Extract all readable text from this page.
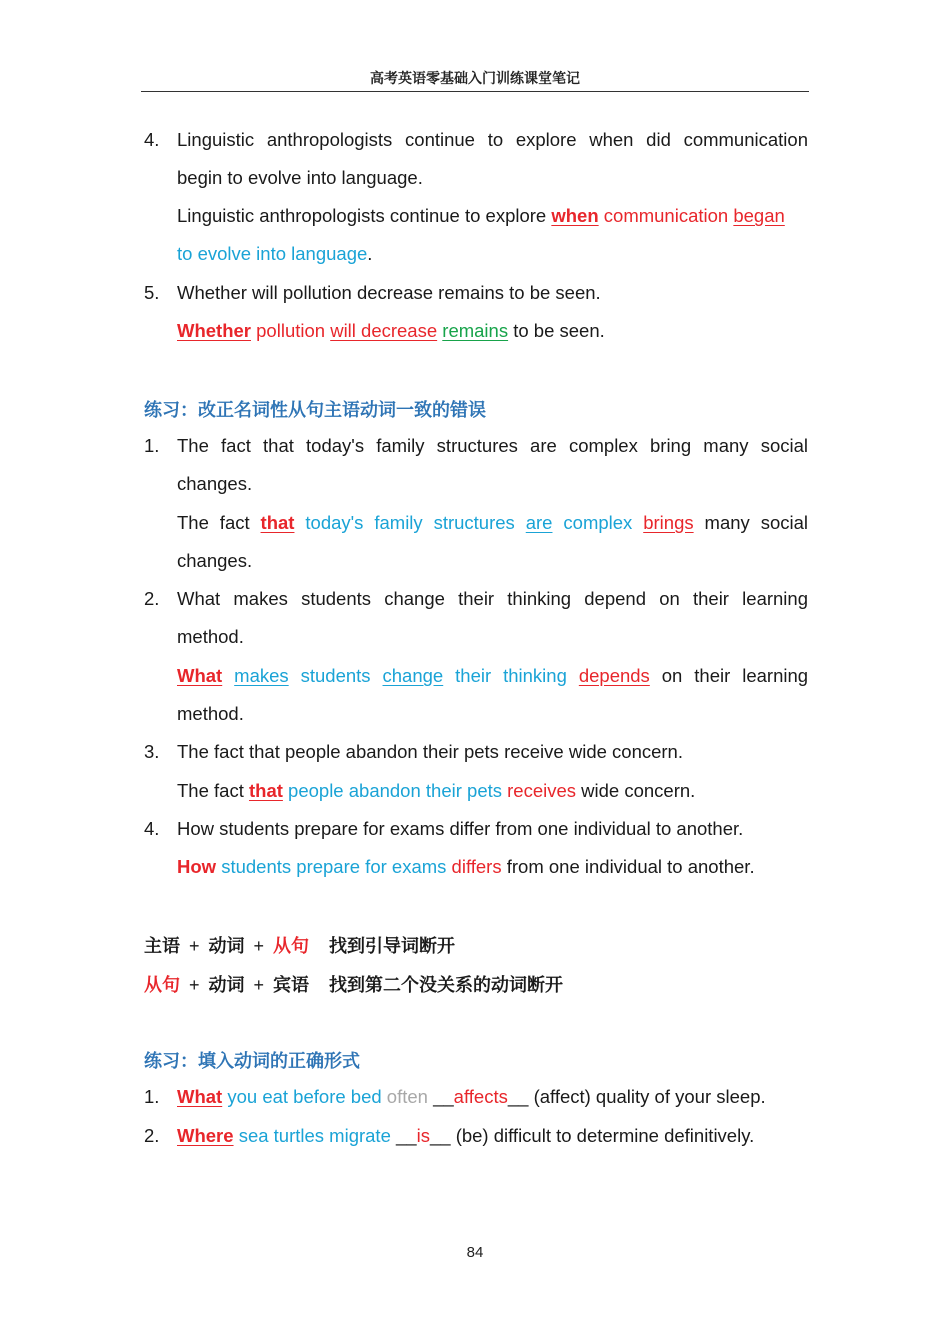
高考英语零基础入门训练课堂笔记
4. Linguistic anthropologists continue to explore when did communication
begin to evolve into language.
Linguistic anthropologists continue to explore when communication began
to evolve into language.
5. Whether will pollution decrease remains to be seen.
Whether pollution will decrease remains to be seen.
练习：改正名词性从句主语动词一致的错误
1. The fact that today's family structures are complex bring many social
changes.
The fact that today's family structures are complex brings many social
changes.
2. What makes students change their thinking depend on their learning
method.
What makes students change their thinking depends on their learning
method.
3. The fact that people abandon their pets receive wide concern.
The fact that people abandon their pets receives wide concern.
4. How students prepare for exams differ from one individual to another.
How students prepare for exams differs from one individual to another.
主语 + 动词 + 从句 找到引导词断开
从句 + 动词 + 宾语 找到第二个没关系的动词断开
练习：填入动词的正确形式
1. What you eat before bed often __affects__ (affect) quality of your sleep.
2. Where sea turtles migrate __is__ (be) difficult to determine definitively.
84
